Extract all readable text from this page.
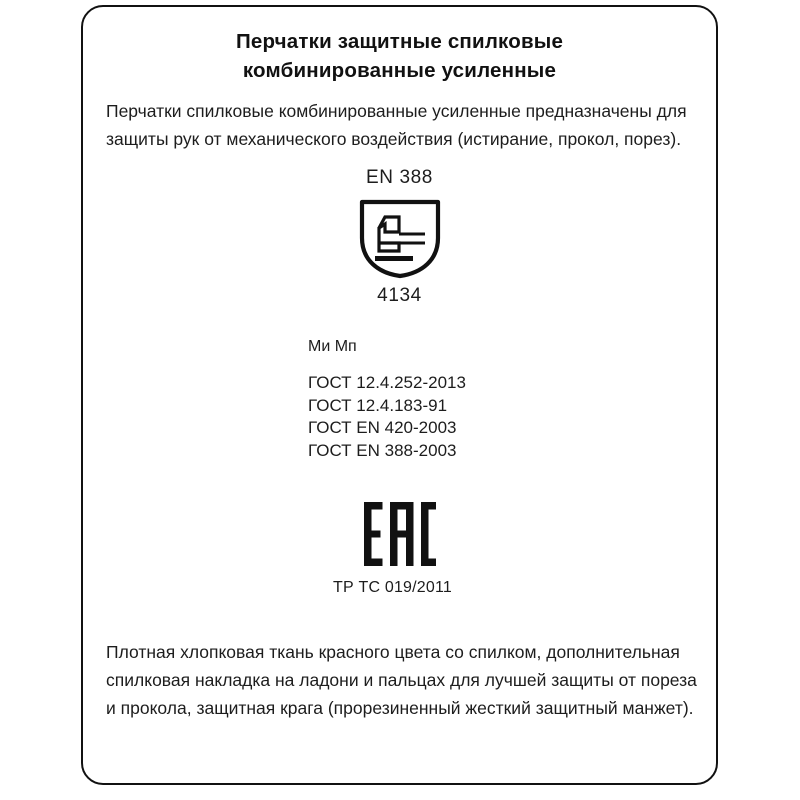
Перчатки защитные спилковые
комбинированные усиленные
Перчатки спилковые комбинированные усиленные предназначены для защиты рук от механического воздействия (истирание, прокол, порез).
EN 388
4134
Ми Мп
ГОСТ 12.4.252-2013
ГОСТ 12.4.183-91
ГОСТ EN 420-2003
ГОСТ EN 388-2003
ТР ТС 019/2011
Плотная хлопковая ткань красного цвета со спилком, дополнительная спилковая накладка на ладони и пальцах для лучшей защиты от пореза и прокола, защитная крага (прорезиненный жесткий защитный манжет).
